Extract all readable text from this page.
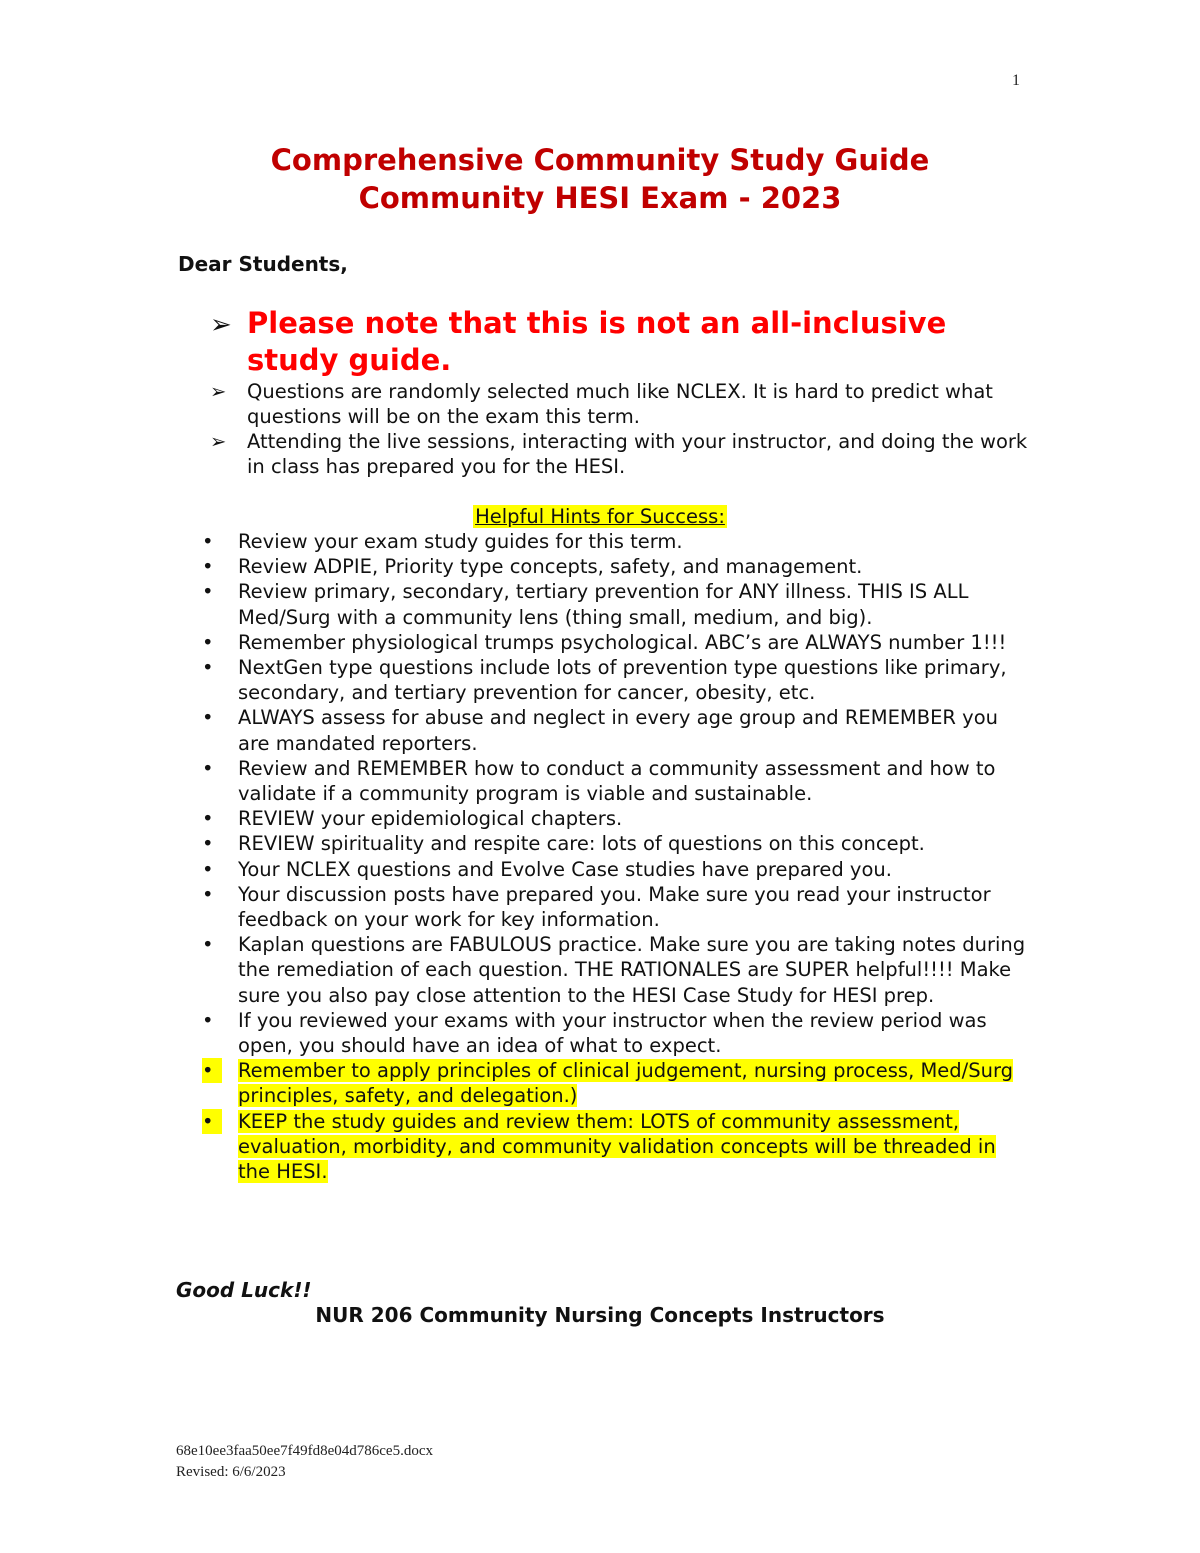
1
Comprehensive Community Study Guide
Community HESI Exam - 2023
Dear Students,
➢ Please note that this is not an all-inclusive study guide.
➢	Questions are randomly selected much like NCLEX. It is hard to predict what questions will be on the exam this term.
➢	Attending the live sessions, interacting with your instructor, and doing the work in class has prepared you for the HESI.
Helpful Hints for Success:
•	Review your exam study guides for this term.
•	Review ADPIE, Priority type concepts, safety, and management.
•	Review primary, secondary, tertiary prevention for ANY illness. THIS IS ALL Med/Surg with a community lens (thing small, medium, and big).
•	Remember physiological trumps psychological. ABC’s are ALWAYS number 1!!!
•	NextGen type questions include lots of prevention type questions like primary, secondary, and tertiary prevention for cancer, obesity, etc.
•	ALWAYS assess for abuse and neglect in every age group and REMEMBER you are mandated reporters.
•	Review and REMEMBER how to conduct a community assessment and how to validate if a community program is viable and sustainable.
•	REVIEW your epidemiological chapters.
•	REVIEW spirituality and respite care: lots of questions on this concept.
•	Your NCLEX questions and Evolve Case studies have prepared you.
•	Your discussion posts have prepared you. Make sure you read your instructor feedback on your work for key information.
•	Kaplan questions are FABULOUS practice. Make sure you are taking notes during the remediation of each question. THE RATIONALES are SUPER helpful!!!! Make sure you also pay close attention to the HESI Case Study for HESI prep.
•	If you reviewed your exams with your instructor when the review period was open, you should have an idea of what to expect.
•	Remember to apply principles of clinical judgement, nursing process, Med/Surg principles, safety, and delegation.)
•	KEEP the study guides and review them: LOTS of community assessment, evaluation, morbidity, and community validation concepts will be threaded in the HESI.
Good Luck!!
NUR 206 Community Nursing Concepts Instructors
68e10ee3faa50ee7f49fd8e04d786ce5.docx
Revised: 6/6/2023
